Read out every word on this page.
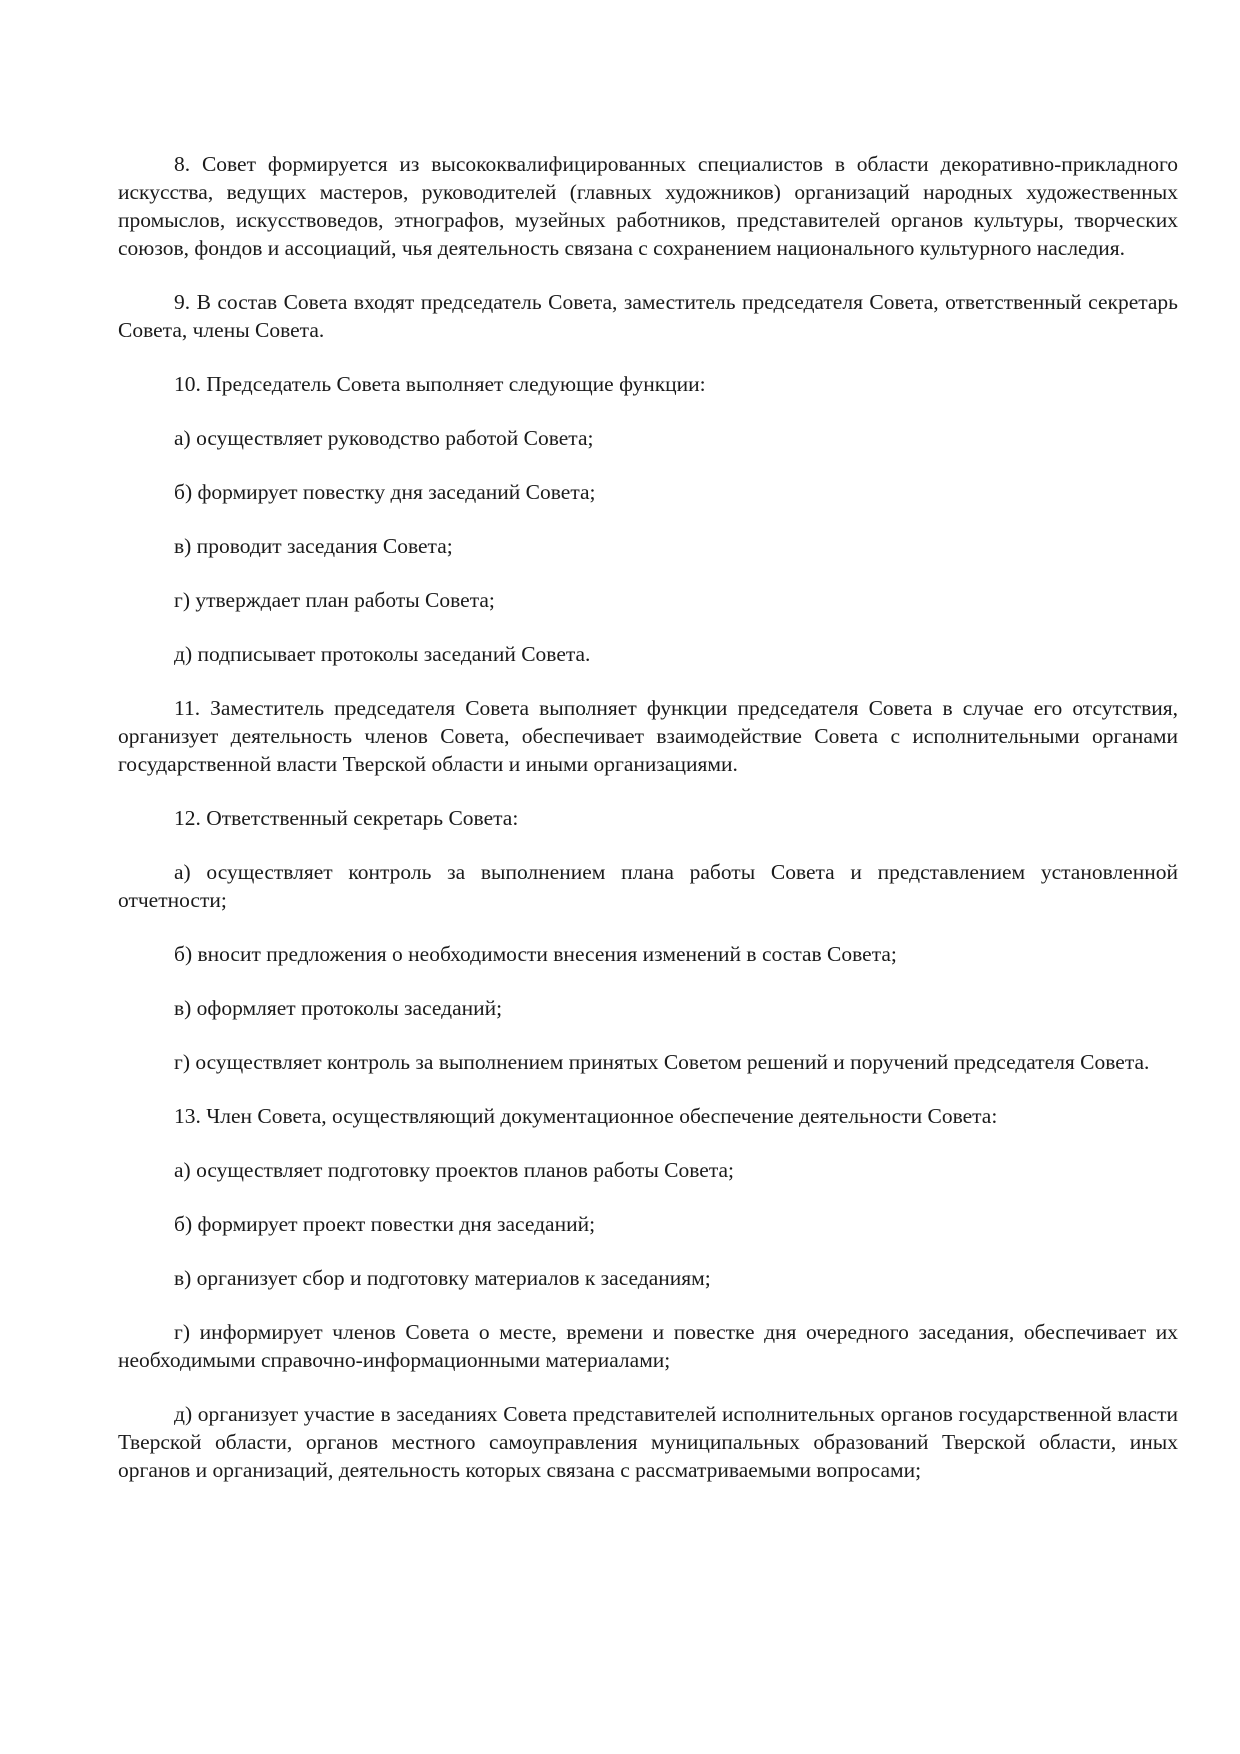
8. Совет формируется из высококвалифицированных специалистов в области декоративно-прикладного искусства, ведущих мастеров, руководителей (главных художников) организаций народных художественных промыслов, искусствоведов, этнографов, музейных работников, представителей органов культуры, творческих союзов, фондов и ассоциаций, чья деятельность связана с сохранением национального культурного наследия.

9. В состав Совета входят председатель Совета, заместитель председателя Совета, ответственный секретарь Совета, члены Совета.

10. Председатель Совета выполняет следующие функции:

а) осуществляет руководство работой Совета;

б) формирует повестку дня заседаний Совета;

в) проводит заседания Совета;

г) утверждает план работы Совета;

д) подписывает протоколы заседаний Совета.

11. Заместитель председателя Совета выполняет функции председателя Совета в случае его отсутствия, организует деятельность членов Совета, обеспечивает взаимодействие Совета с исполнительными органами государственной власти Тверской области и иными организациями.

12. Ответственный секретарь Совета:

а) осуществляет контроль за выполнением плана работы Совета и представлением установленной отчетности;

б) вносит предложения о необходимости внесения изменений в состав Совета;

в) оформляет протоколы заседаний;

г) осуществляет контроль за выполнением принятых Советом решений и поручений председателя Совета.

13. Член Совета, осуществляющий документационное обеспечение деятельности Совета:

а) осуществляет подготовку проектов планов работы Совета;

б) формирует проект повестки дня заседаний;

в) организует сбор и подготовку материалов к заседаниям;

г) информирует членов Совета о месте, времени и повестке дня очередного заседания, обеспечивает их необходимыми справочно-информационными материалами;

д) организует участие в заседаниях Совета представителей исполнительных органов государственной власти Тверской области, органов местного самоуправления муниципальных образований Тверской области, иных органов и организаций, деятельность которых связана с рассматриваемыми вопросами;
